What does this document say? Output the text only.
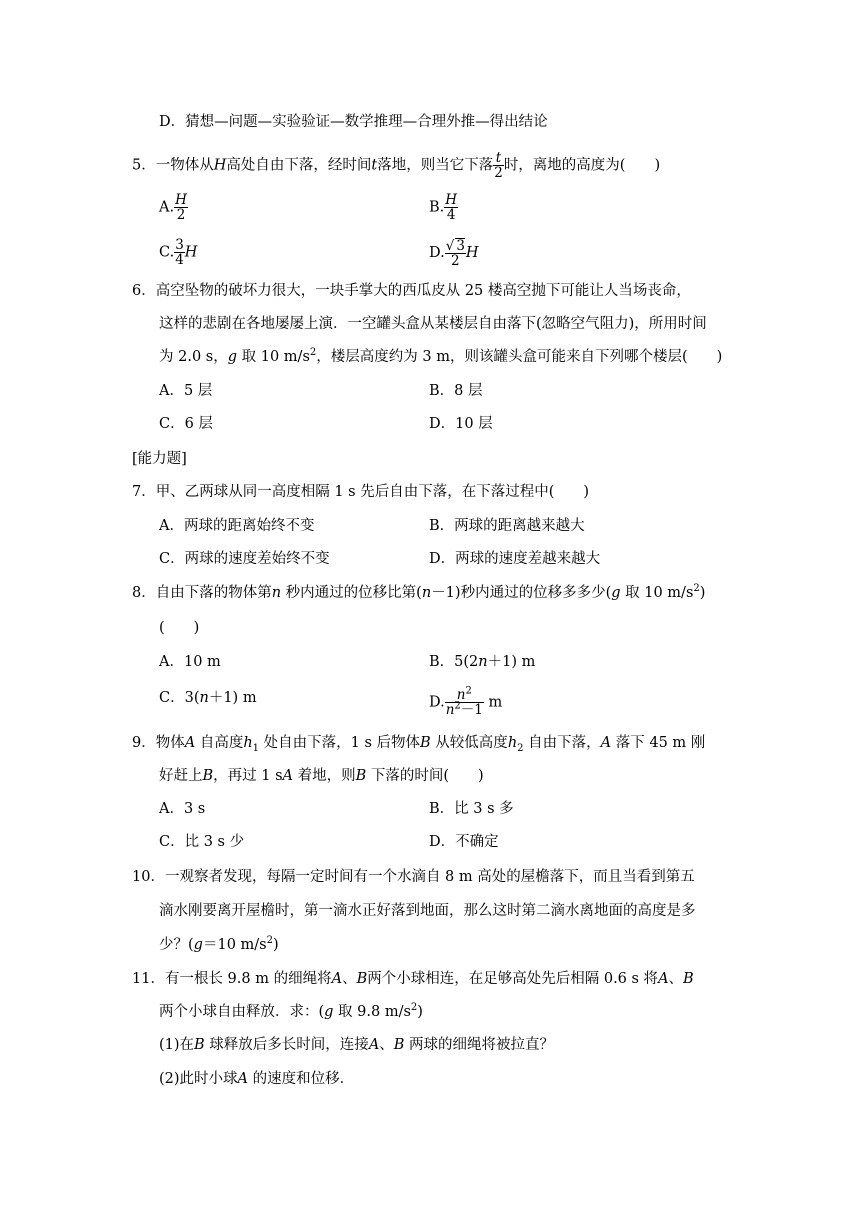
D．猜想—问题—实验验证—数学推理—合理外推—得出结论
5．一物体从H高处自由下落，经时间t落地，则当它下落 $\frac{t}{2}$ 时，离地的高度为(　　)
A. $\frac{H}{2}$	B. $\frac{H}{4}$
C. $\frac{3}{4}$ H	D. $\frac{√ 3}{2}$ H
6．高空坠物的破坏力很大，一块手掌大的西瓜皮从 25 楼高空抛下可能让人当场丧命，
这样的悲剧在各地屡屡上演．一空罐头盒从某楼层自由落下(忽略空气阻力)，所用时间
为 2.0 s，g 取 10 $m/s^2$，楼层高度约为 3 m，则该罐头盒可能来自下列哪个楼层(　　)
A．5 层	B．8 层
C．6 层	D．10 层
[能力题]
7．甲、乙两球从同一高度相隔 1 s 先后自由下落，在下落过程中(　　)
A．两球的距离始终不变	B．两球的距离越来越大
C．两球的速度差始终不变	D．两球的速度差越来越大
8．自由下落的物体第n 秒内通过的位移比第(n－1)秒内通过的位移多多少(g 取 10 $m/s^2$)
(　　)
A．10 m	B．5(2n＋1) m
C．3(n＋1) m	D. $\frac{n^2}{n^2-1}$ m
9．物体A 自高度$h_1$ 处自由下落，1 s 后物体B 从较低高度$h_2$ 自由下落，A 落下 45 m 刚
好赶上B，再过 1 sA 着地，则B 下落的时间(　　)
A．3 s	B．比 3 s 多
C．比 3 s 少	D．不确定
10．一观察者发现，每隔一定时间有一个水滴自 8 m 高处的屋檐落下，而且当看到第五
滴水刚要离开屋檐时，第一滴水正好落到地面，那么这时第二滴水离地面的高度是多
少？(g＝10 $m/s^2$)
11．有一根长 9.8 m 的细绳将A、B两个小球相连，在足够高处先后相隔 0.6 s 将A、B
两个小球自由释放．求：(g 取 9.8 $m/s^2$)
(1)在B 球释放后多长时间，连接A、B 两球的细绳将被拉直？
(2)此时小球A 的速度和位移．
